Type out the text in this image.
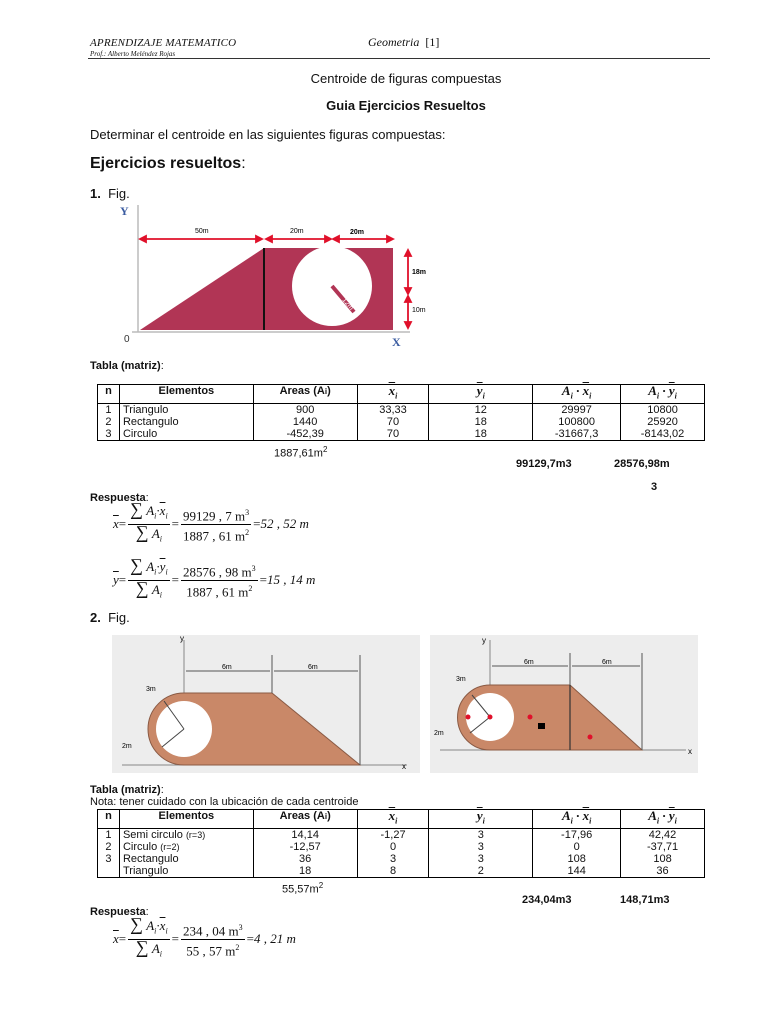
APRENDIZAJE MATEMATICO
Prof.: Alberto Meléndez Rojas
Geometria [1]
Centroide de figuras compuestas
Guia Ejercicios Resueltos
Determinar el centroide en las siguientes figuras compuestas:
Ejercicios resueltos:
1. Fig.
Y
X
0
50m	20m	20m
18m
10m
12m
Tabla (matriz):
n	Elementos	Areas (Ai)	$\overline{x}_i$	$\overline{y}_i$	$A_i \cdot \overline{x}_i$	$A_i \cdot \overline{y}_i$
1	Triangulo	900	33,33	12	29997	10800
2	Rectangulo	1440	70	18	100800	25920
3	Circulo	-452,39	70	18	-31667,3	-8143,02
$1887,61m^2$
99129,7m3	28576,98m
3
Respuesta:
$\overline{x} = \frac{\sum A_i\cdot\overline{x}_i}{\sum A_i} = \frac{99129 , 7 m^3}{1887 , 61 m^2} = 52$ , 52 m
$\overline{y} = \frac{\sum A_i\cdot\overline{y}_i}{\sum A_i} = \frac{28576 , 98 m^3}{1887 , 61 m^2} = 15$ , 14 m
2. Fig.
y
x
6m	6m
3m
2m
y
x
6m	6m
3m
2m
Tabla (matriz):
Nota: tener cuidado con la ubicación de cada centroide
n	Elementos	Areas (Ai)	$\overline{x}_i$	$\overline{y}_i$	$A_i \cdot \overline{x}_i$	$A_i \cdot \overline{y}_i$
1	Semi circulo (r=3)	14,14	-1,27	3	-17,96	42,42
2	Circulo (r=2)	-12,57	0	3	0	-37,71
3	Rectangulo	36	3	3	108	108
	Triangulo	18	8	2	144	36
$55,57m^2$
234,04m3	148,71m3
Respuesta:
$\overline{x} = \frac{\sum A_i\cdot\overline{x}_i}{\sum A_i} = \frac{234 , 04 m^3}{55 , 57 m^2} = 4$ , 21 m
